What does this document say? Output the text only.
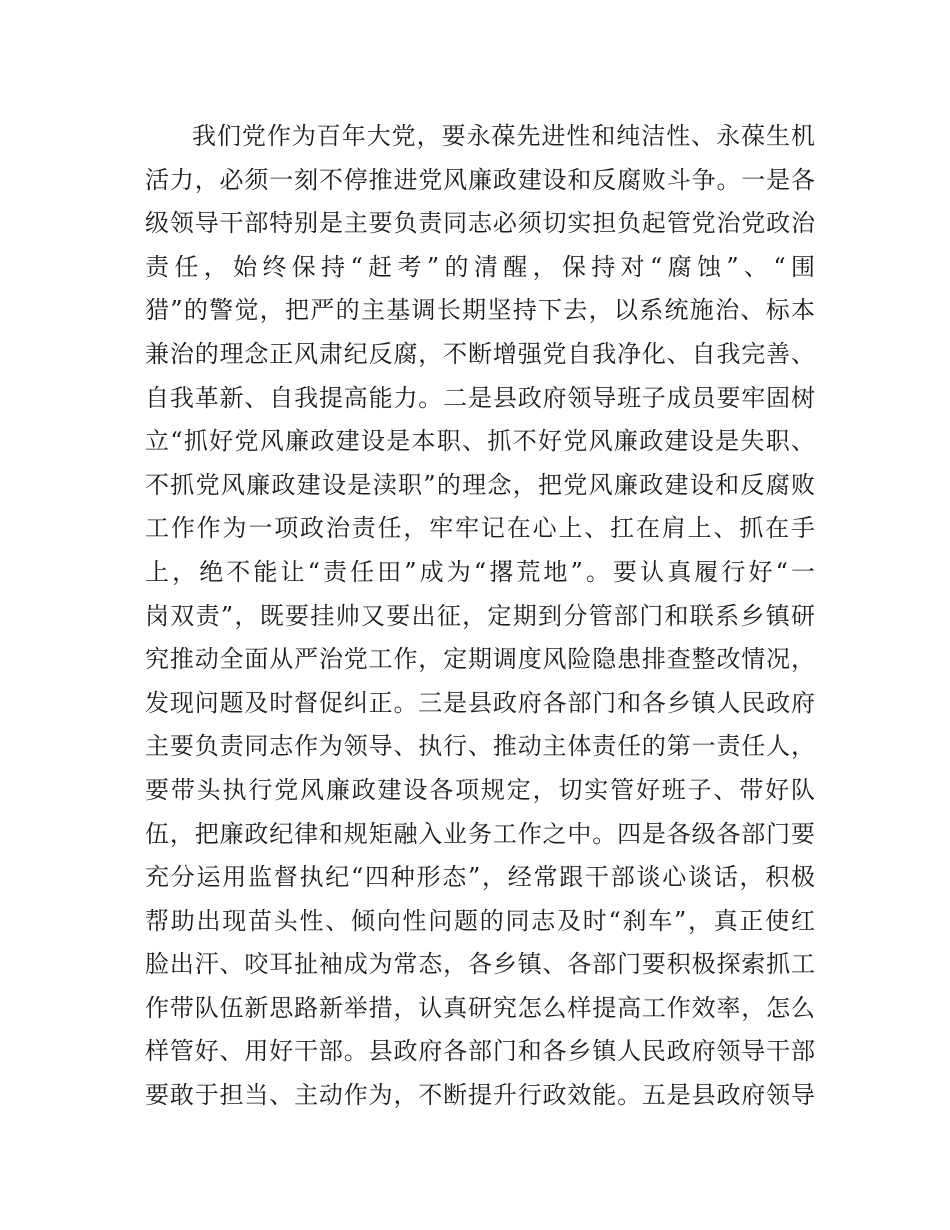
我们党作为百年大党，要永葆先进性和纯洁性、永葆生机
活力，必须一刻不停推进党风廉政建设和反腐败斗争。一是各
级领导干部特别是主要负责同志必须切实担负起管党治党政治
责任，始终保持“赶考”的清醒，保持对“腐蚀”、“围
猎”的警觉，把严的主基调长期坚持下去，以系统施治、标本
兼治的理念正风肃纪反腐，不断增强党自我净化、自我完善、
自我革新、自我提高能力。二是县政府领导班子成员要牢固树
立“抓好党风廉政建设是本职、抓不好党风廉政建设是失职、
不抓党风廉政建设是渎职”的理念，把党风廉政建设和反腐败
工作作为一项政治责任，牢牢记在心上、扛在肩上、抓在手
上，绝不能让“责任田”成为“撂荒地”。要认真履行好“一
岗双责”，既要挂帅又要出征，定期到分管部门和联系乡镇研
究推动全面从严治党工作，定期调度风险隐患排查整改情况，
发现问题及时督促纠正。三是县政府各部门和各乡镇人民政府
主要负责同志作为领导、执行、推动主体责任的第一责任人，
要带头执行党风廉政建设各项规定，切实管好班子、带好队
伍，把廉政纪律和规矩融入业务工作之中。四是各级各部门要
充分运用监督执纪“四种形态”，经常跟干部谈心谈话，积极
帮助出现苗头性、倾向性问题的同志及时“刹车”，真正使红
脸出汗、咬耳扯袖成为常态，各乡镇、各部门要积极探索抓工
作带队伍新思路新举措，认真研究怎么样提高工作效率，怎么
样管好、用好干部。县政府各部门和各乡镇人民政府领导干部
要敢于担当、主动作为，不断提升行政效能。五是县政府领导
